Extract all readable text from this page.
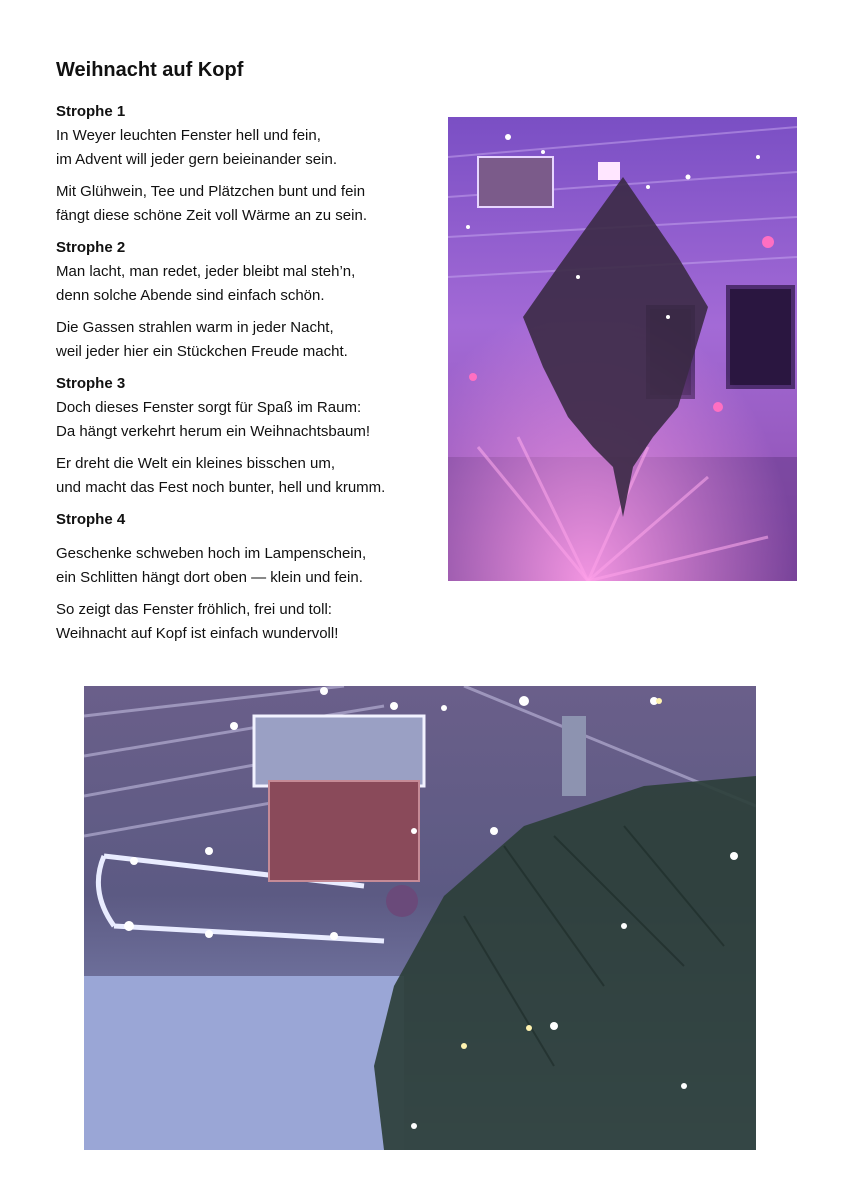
Weihnacht auf Kopf

Strophe 1

In Weyer leuchten Fenster hell und fein,

im Advent will jeder gern beieinander sein.

Mit Glühwein, Tee und Plätzchen bunt und fein

fängt diese schöne Zeit voll Wärme an zu sein.

Strophe 2

Man lacht, man redet, jeder bleibt mal steh’n,

denn solche Abende sind einfach schön.

Die Gassen strahlen warm in jeder Nacht,

weil jeder hier ein Stückchen Freude macht.

Strophe 3

Doch dieses Fenster sorgt für Spaß im Raum:

Da hängt verkehrt herum ein Weihnachtsbaum!

Er dreht die Welt ein kleines bisschen um,

und macht das Fest noch bunter, hell und krumm.

Strophe 4

Geschenke schweben hoch im Lampenschein,

ein Schlitten hängt dort oben — klein und fein.

So zeigt das Fenster fröhlich, frei und toll:

Weihnacht auf Kopf ist einfach wundervoll!
